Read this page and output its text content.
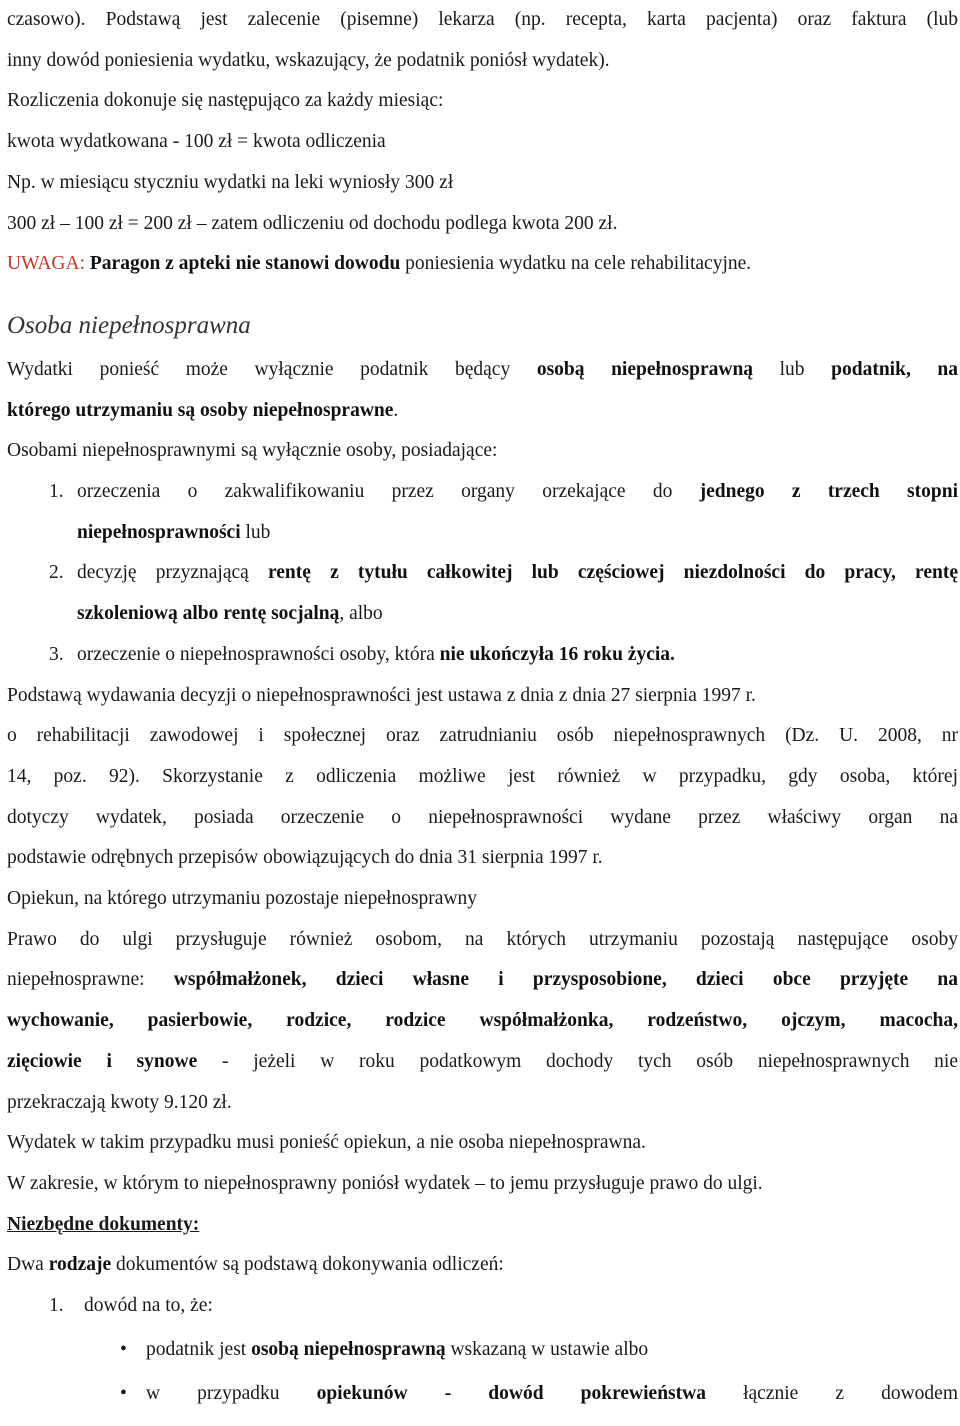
czasowo). Podstawą jest zalecenie (pisemne) lekarza (np. recepta, karta pacjenta) oraz faktura (lub
inny dowód poniesienia wydatku, wskazujący, że podatnik poniósł wydatek).
Rozliczenia dokonuje się następująco za każdy miesiąc:
kwota wydatkowana - 100 zł = kwota odliczenia
Np. w miesiącu styczniu wydatki na leki wyniosły 300 zł
300 zł – 100 zł = 200 zł – zatem odliczeniu od dochodu podlega kwota 200 zł.
UWAGA: Paragon z apteki nie stanowi dowodu poniesienia wydatku na cele rehabilitacyjne.
Osoba niepełnosprawna
Wydatki ponieść może wyłącznie podatnik będący osobą niepełnosprawną lub podatnik, na
którego utrzymaniu są osoby niepełnosprawne.
Osobami niepełnosprawnymi są wyłącznie osoby, posiadające:
1. orzeczenia o zakwalifikowaniu przez organy orzekające do jednego z trzech stopni
niepełnosprawności lub
2. decyzję przyznającą rentę z tytułu całkowitej lub częściowej niezdolności do pracy, rentę
szkoleniową albo rentę socjalną, albo
3. orzeczenie o niepełnosprawności osoby, która nie ukończyła 16 roku życia.
Podstawą wydawania decyzji o niepełnosprawności jest ustawa z dnia z dnia 27 sierpnia 1997 r.
o rehabilitacji zawodowej i społecznej oraz zatrudnianiu osób niepełnosprawnych (Dz. U. 2008, nr
14, poz. 92). Skorzystanie z odliczenia możliwe jest również w przypadku, gdy osoba, której
dotyczy wydatek, posiada orzeczenie o niepełnosprawności wydane przez właściwy organ na
podstawie odrębnych przepisów obowiązujących do dnia 31 sierpnia 1997 r.
Opiekun, na którego utrzymaniu pozostaje niepełnosprawny
Prawo do ulgi przysługuje również osobom, na których utrzymaniu pozostają następujące osoby
niepełnosprawne: współmałżonek, dzieci własne i przysposobione, dzieci obce przyjęte na
wychowanie, pasierbowie, rodzice, rodzice współmałżonka, rodzeństwo, ojczym, macocha,
zięciowie i synowe - jeżeli w roku podatkowym dochody tych osób niepełnosprawnych nie
przekraczają kwoty 9.120 zł.
Wydatek w takim przypadku musi ponieść opiekun, a nie osoba niepełnosprawna.
W zakresie, w którym to niepełnosprawny poniósł wydatek – to jemu przysługuje prawo do ulgi.
Niezbędne dokumenty:
Dwa rodzaje dokumentów są podstawą dokonywania odliczeń:
1. dowód na to, że:
• podatnik jest osobą niepełnosprawną wskazaną w ustawie albo
• w przypadku opiekunów - dowód pokrewieństwa łącznie z dowodem
